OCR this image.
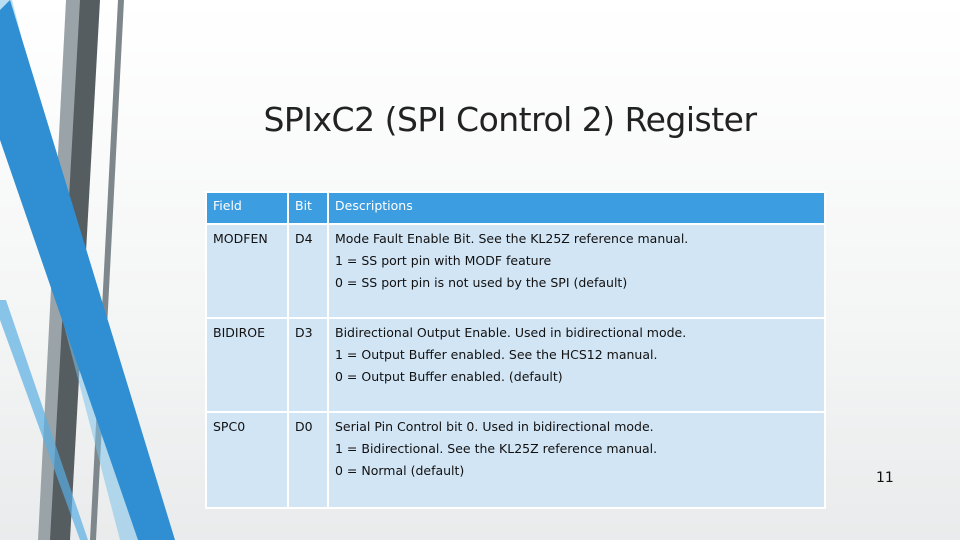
SPIxC2 (SPI Control 2) Register
Field	Bit	Descriptions
MODFEN	D4	Mode Fault Enable Bit. See the KL25Z reference manual.
1 = SS port pin with MODF feature
0 = SS port pin is not used by the SPI (default)

BIDIROE	D3	Bidirectional Output Enable. Used in bidirectional mode.
1 = Output Buffer enabled. See the HCS12 manual.
0 = Output Buffer enabled. (default)

SPC0	D0	Serial Pin Control bit 0. Used in bidirectional mode.
1 = Bidirectional. See the KL25Z reference manual.
0 = Normal (default)	11
